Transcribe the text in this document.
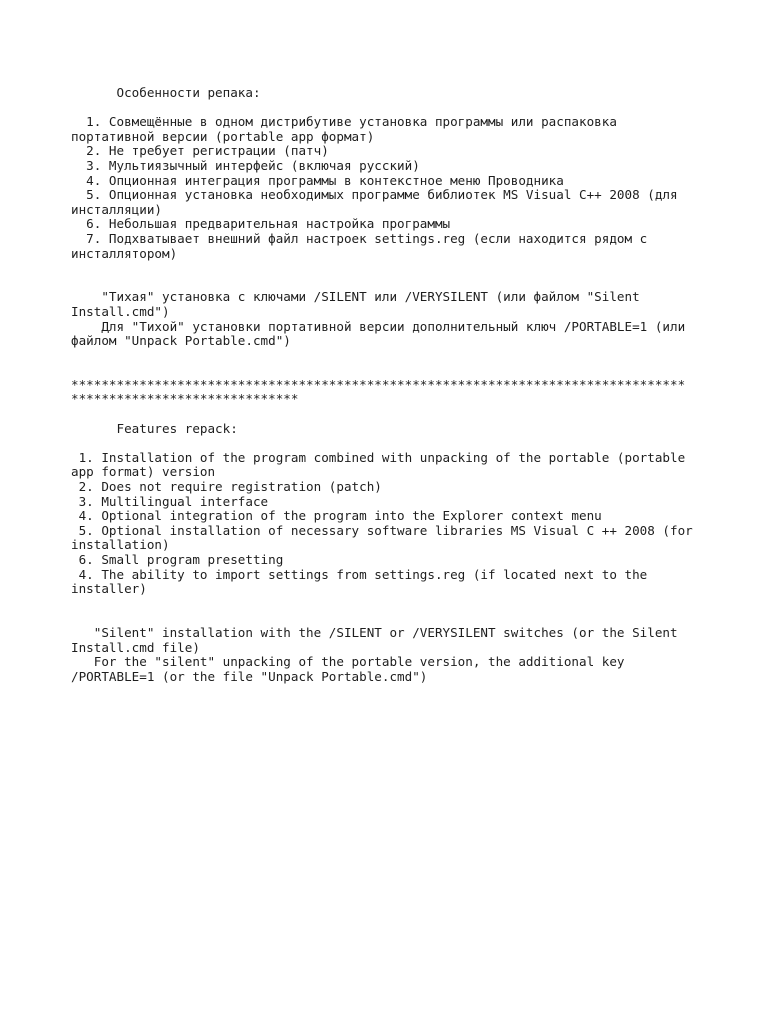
Особенности репака:
1. Совмещённые в одном дистрибутиве установка программы или распаковка
портативной версии (portable app формат)
2. Не требует регистрации (патч)
3. Мультиязычный интерфейс (включая русский)
4. Опционная интеграция программы в контекстное меню Проводника
5. Опционная установка необходимых программе библиотек MS Visual C++ 2008 (для
инсталляции)
6. Небольшая предварительная настройка программы
7. Подхватывает внешний файл настроек settings.reg (если находится рядом с
инсталлятором)
"Тихая" установка с ключами /SILENT или /VERYSILENT (или файлом "Silent
Install.cmd")
Для "Тихой" установки портативной версии дополнительный ключ /PORTABLE=1 (или
файлом "Unpack Portable.cmd")
*********************************************************************************
******************************
Features repack:
1. Installation of the program combined with unpacking of the portable (portable
app format) version
2. Does not require registration (patch)
3. Multilingual interface
4. Optional integration of the program into the Explorer context menu
5. Optional installation of necessary software libraries MS Visual C ++ 2008 (for
installation)
6. Small program presetting
4. The ability to import settings from settings.reg (if located next to the
installer)
"Silent" installation with the /SILENT or /VERYSILENT switches (or the Silent
Install.cmd file)
For the "silent" unpacking of the portable version, the additional key
/PORTABLE=1 (or the file "Unpack Portable.cmd")
